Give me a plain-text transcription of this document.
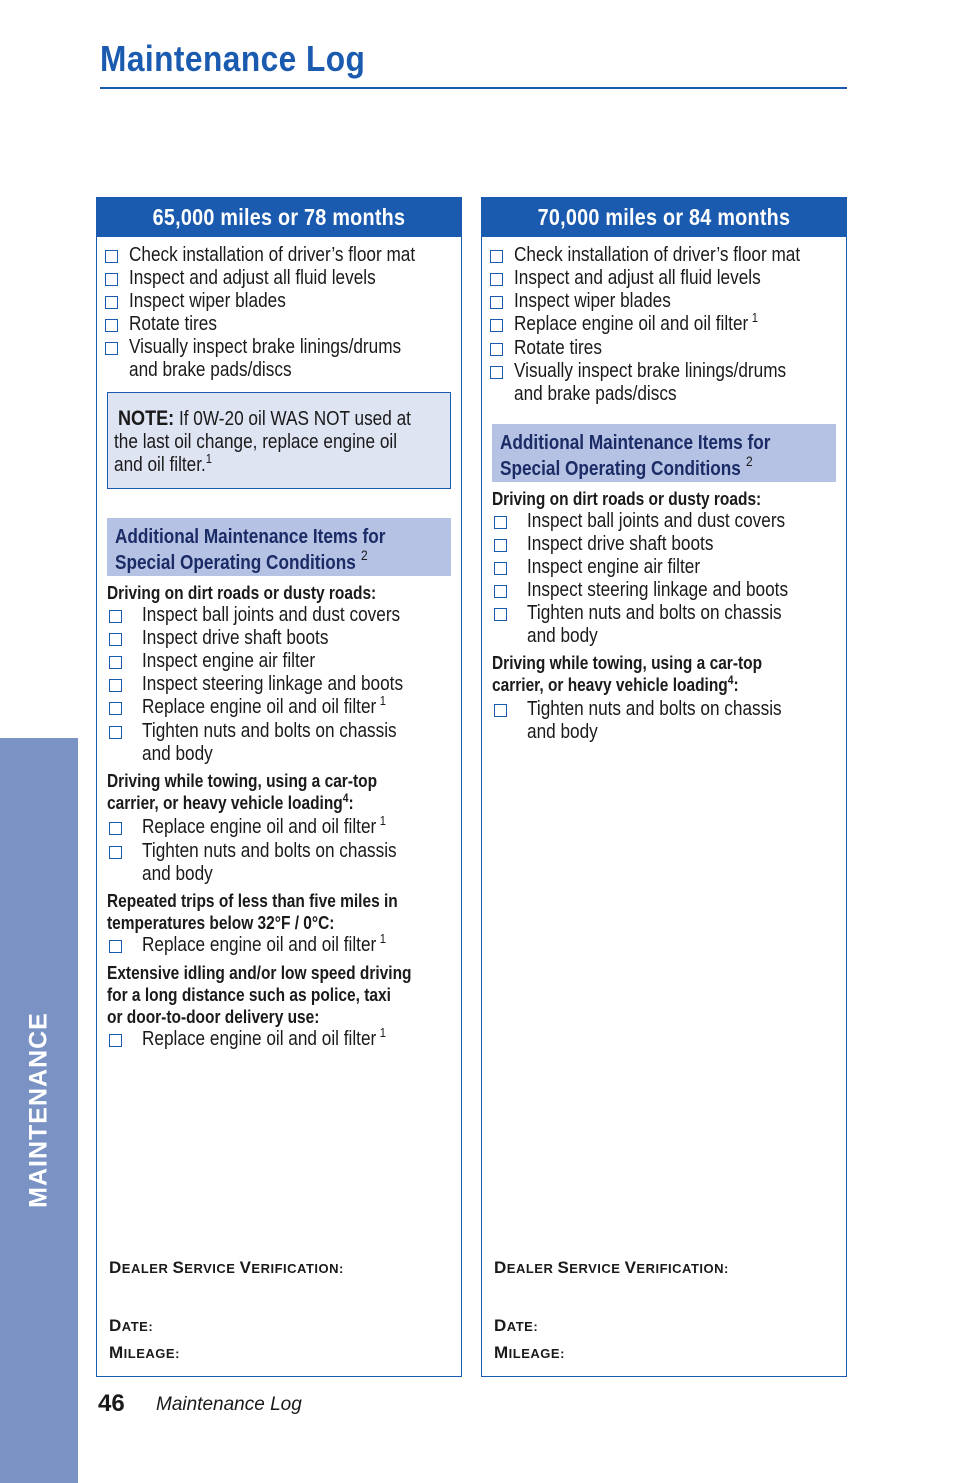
Maintenance Log
MAINTENANCE
65,000 miles or 78 months
Check installation of driver’s floor mat
Inspect and adjust all fluid levels
Inspect wiper blades
Rotate tires
Visually inspect brake linings/drums
and brake pads/discs
NOTE: If 0W-20 oil WAS NOT used at
the last oil change, replace engine oil
and oil filter.$^1$
Additional Maintenance Items for
Special Operating Conditions $^2$
Driving on dirt roads or dusty roads:
Inspect ball joints and dust covers
Inspect drive shaft boots
Inspect engine air filter
Inspect steering linkage and boots
Replace engine oil and oil filter $^1$
Tighten nuts and bolts on chassis
and body
Driving while towing, using a car-top
carrier, or heavy vehicle loading$^4$:
Replace engine oil and oil filter $^1$
Tighten nuts and bolts on chassis
and body
Repeated trips of less than five miles in
temperatures below 32°F / 0°C:
Replace engine oil and oil filter $^1$
Extensive idling and/or low speed driving
for a long distance such as police, taxi
or door-to-door delivery use:
Replace engine oil and oil filter $^1$
DEALER SERVICE VERIFICATION:
DATE:
MILEAGE:
70,000 miles or 84 months
Check installation of driver’s floor mat
Inspect and adjust all fluid levels
Inspect wiper blades
Replace engine oil and oil filter $^1$
Rotate tires
Visually inspect brake linings/drums
and brake pads/discs
Additional Maintenance Items for
Special Operating Conditions $^2$
Driving on dirt roads or dusty roads:
Inspect ball joints and dust covers
Inspect drive shaft boots
Inspect engine air filter
Inspect steering linkage and boots
Tighten nuts and bolts on chassis
and body
Driving while towing, using a car-top
carrier, or heavy vehicle loading$^4$:
Tighten nuts and bolts on chassis
and body
DEALER SERVICE VERIFICATION:
DATE:
MILEAGE:
46 Maintenance Log
